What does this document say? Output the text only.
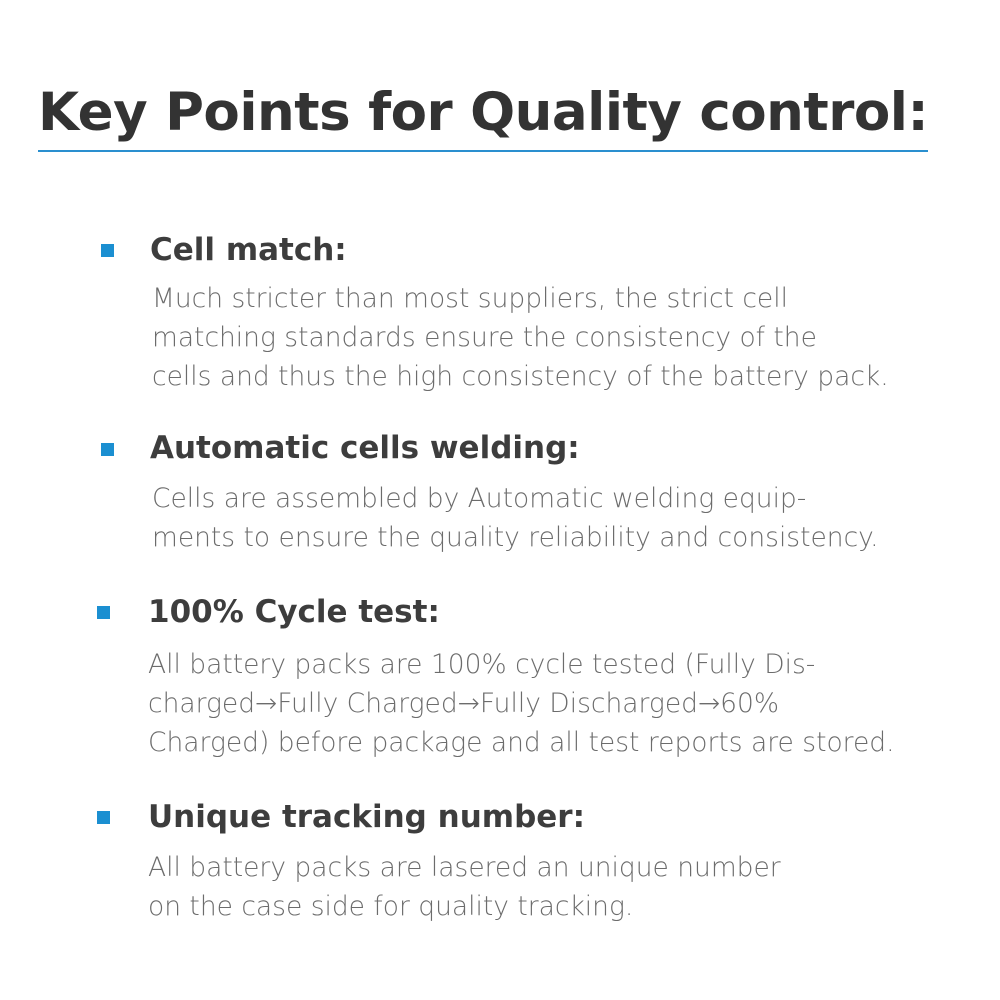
Key Points for Quality control:
Cell match:
Much stricter than most suppliers, the strict cell
matching standards ensure the consistency of the
cells and thus the high consistency of the battery pack.
Automatic cells welding:
Cells are assembled by Automatic welding equip-
ments to ensure the quality reliability and consistency.
100% Cycle test:
All battery packs are 100% cycle tested (Fully Dis-
charged→Fully Charged→Fully Discharged→60%
Charged) before package and all test reports are stored.
Unique tracking number:
All battery packs are lasered an unique number
on the case side for quality tracking.
